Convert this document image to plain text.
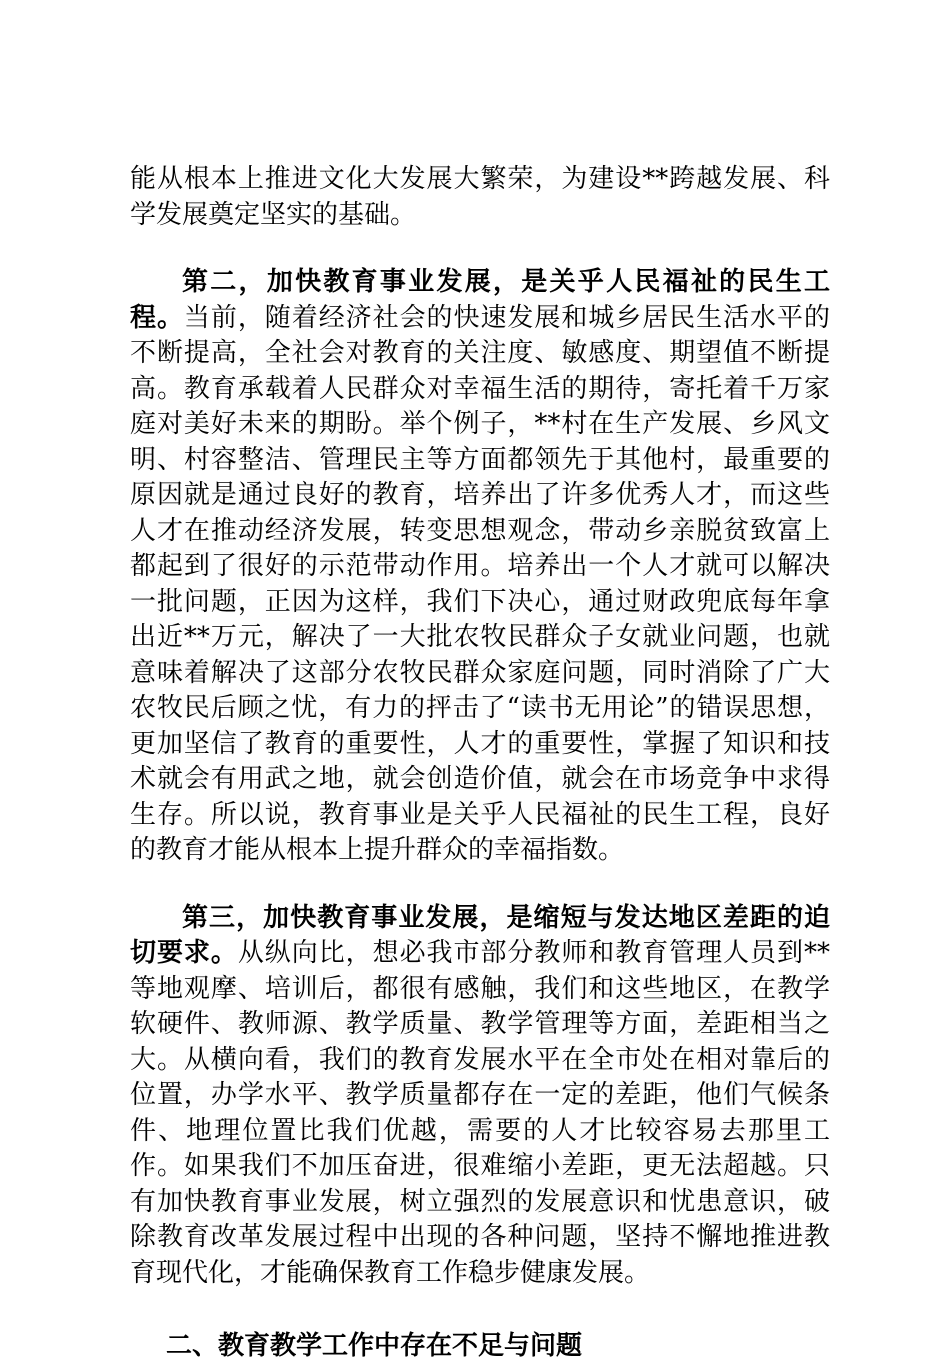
能从根本上推进文化大发展大繁荣，为建设**跨越发展、科学发展奠定坚实的基础。

第二，加快教育事业发展，是关乎人民福祉的民生工程。当前，随着经济社会的快速发展和城乡居民生活水平的不断提高，全社会对教育的关注度、敏感度、期望值不断提高。教育承载着人民群众对幸福生活的期待，寄托着千万家庭对美好未来的期盼。举个例子，**村在生产发展、乡风文明、村容整洁、管理民主等方面都领先于其他村，最重要的原因就是通过良好的教育，培养出了许多优秀人才，而这些人才在推动经济发展，转变思想观念，带动乡亲脱贫致富上都起到了很好的示范带动作用。培养出一个人才就可以解决一批问题，正因为这样，我们下决心，通过财政兜底每年拿出近**万元，解决了一大批农牧民群众子女就业问题，也就意味着解决了这部分农牧民群众家庭问题，同时消除了广大农牧民后顾之忧，有力的抨击了“读书无用论”的错误思想，更加坚信了教育的重要性，人才的重要性，掌握了知识和技术就会有用武之地，就会创造价值，就会在市场竞争中求得生存。所以说，教育事业是关乎人民福祉的民生工程，良好的教育才能从根本上提升群众的幸福指数。

第三，加快教育事业发展，是缩短与发达地区差距的迫切要求。从纵向比，想必我市部分教师和教育管理人员到**等地观摩、培训后，都很有感触，我们和这些地区，在教学软硬件、教师源、教学质量、教学管理等方面，差距相当之大。从横向看，我们的教育发展水平在全市处在相对靠后的位置，办学水平、教学质量都存在一定的差距，他们气候条件、地理位置比我们优越，需要的人才比较容易去那里工作。如果我们不加压奋进，很难缩小差距，更无法超越。只有加快教育事业发展，树立强烈的发展意识和忧患意识，破除教育改革发展过程中出现的各种问题，坚持不懈地推进教育现代化，才能确保教育工作稳步健康发展。

二、教育教学工作中存在不足与问题
